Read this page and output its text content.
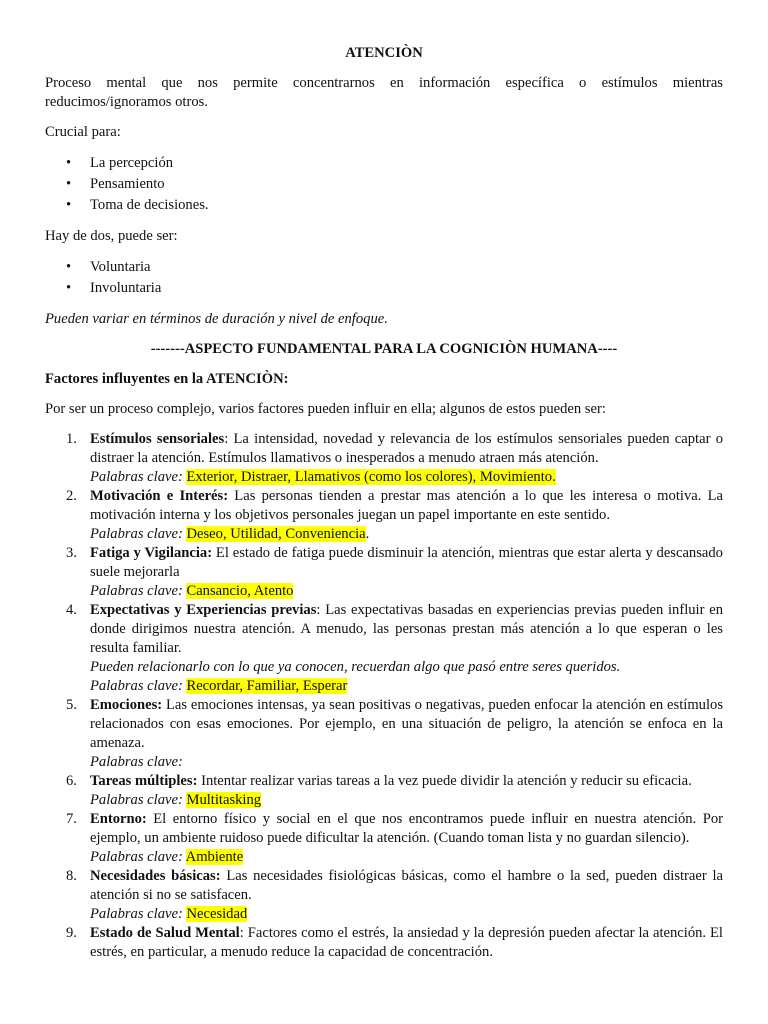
ATENCIÒN

Proceso mental que nos permite concentrarnos en información específica o estímulos mientras reducimos/ignoramos otros.

Crucial para:

• La percepción
• Pensamiento
• Toma de decisiones.

Hay de dos, puede ser:

• Voluntaria
• Involuntaria

Pueden variar en términos de duración y nivel de enfoque.

-------ASPECTO FUNDAMENTAL PARA LA COGNICIÒN HUMANA----

Factores influyentes en la ATENCIÒN:

Por ser un proceso complejo, varios factores pueden influir en ella; algunos de estos pueden ser:

1. Estímulos sensoriales: La intensidad, novedad y relevancia de los estímulos sensoriales pueden captar o distraer la atención. Estímulos llamativos o inesperados a menudo atraen más atención.
Palabras clave: Exterior, Distraer, Llamativos (como los colores), Movimiento.
2. Motivación e Interés: Las personas tienden a prestar mas atención a lo que les interesa o motiva. La motivación interna y los objetivos personales juegan un papel importante en este sentido.
Palabras clave: Deseo, Utilidad, Conveniencia.
3. Fatiga y Vigilancia: El estado de fatiga puede disminuir la atención, mientras que estar alerta y descansado suele mejorarla
Palabras clave: Cansancio, Atento
4. Expectativas y Experiencias previas: Las expectativas basadas en experiencias previas pueden influir en donde dirigimos nuestra atención. A menudo, las personas prestan más atención a lo que esperan o les resulta familiar.
Pueden relacionarlo con lo que ya conocen, recuerdan algo que pasó entre seres queridos.
Palabras clave: Recordar, Familiar, Esperar
5. Emociones: Las emociones intensas, ya sean positivas o negativas, pueden enfocar la atención en estímulos relacionados con esas emociones. Por ejemplo, en una situación de peligro, la atención se enfoca en la amenaza.
Palabras clave:
6. Tareas múltiples: Intentar realizar varias tareas a la vez puede dividir la atención y reducir su eficacia.
Palabras clave: Multitasking
7. Entorno: El entorno físico y social en el que nos encontramos puede influir en nuestra atención. Por ejemplo, un ambiente ruidoso puede dificultar la atención. (Cuando toman lista y no guardan silencio).
Palabras clave: Ambiente
8. Necesidades básicas: Las necesidades fisiológicas básicas, como el hambre o la sed, pueden distraer la atención si no se satisfacen.
Palabras clave: Necesidad
9. Estado de Salud Mental: Factores como el estrés, la ansiedad y la depresión pueden afectar la atención. El estrés, en particular, a menudo reduce la capacidad de concentración.
